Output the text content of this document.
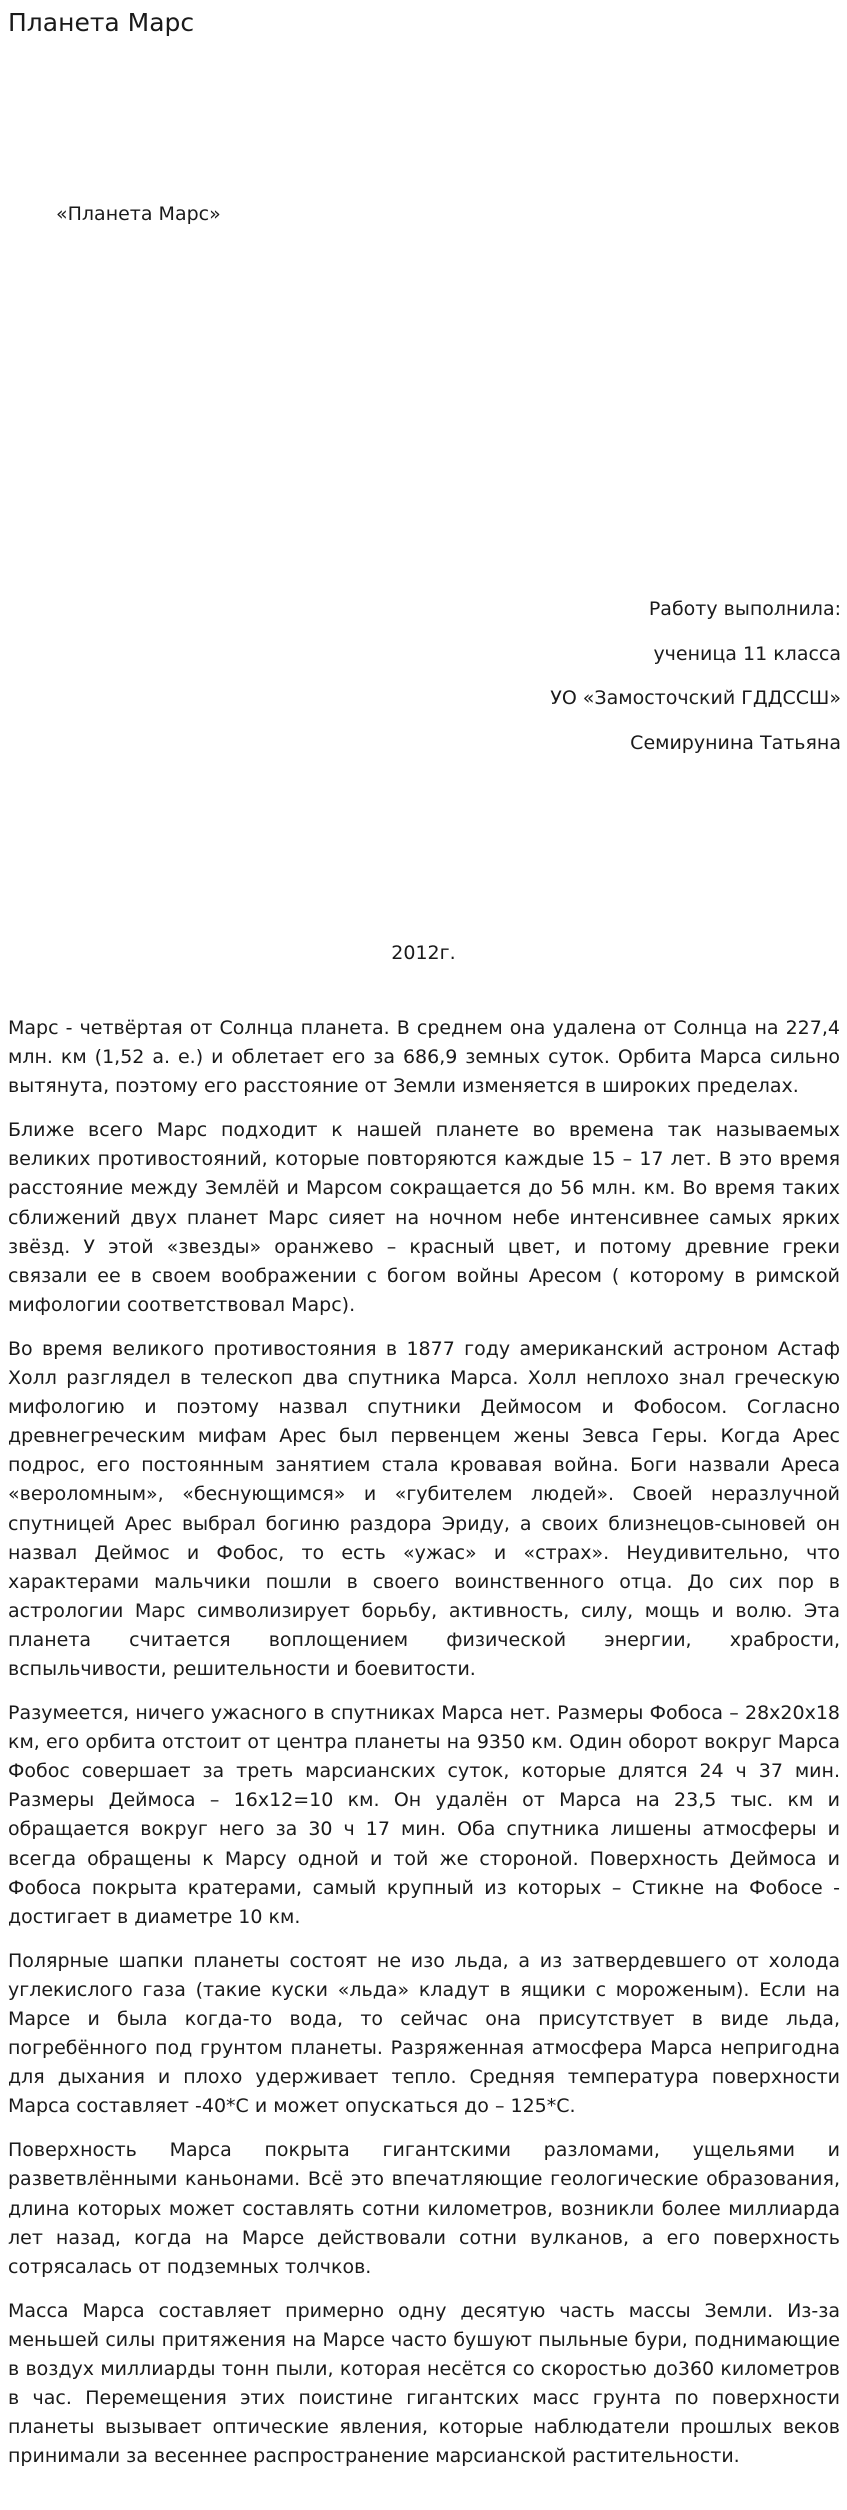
Планета Марс
«Планета Марс»
Работу выполнила:
ученица 11 класса
УО «Замосточский ГДДССШ»
Семирунина Татьяна
2012г.

Марс - четвёртая от Солнца планета. В среднем она удалена от Солнца на 227,4 млн. км (1,52 а. е.) и облетает его за 686,9 земных суток. Орбита Марса сильно вытянута, поэтому его расстояние от Земли изменяется в широких пределах.

Ближе всего Марс подходит к нашей планете во времена так называемых великих противостояний, которые повторяются каждые 15 – 17 лет. В это время расстояние между Землёй и Марсом сокращается до 56 млн. км. Во время таких сближений двух планет Марс сияет на ночном небе интенсивнее самых ярких звёзд. У этой «звезды» оранжево – красный цвет, и потому древние греки связали ее в своем воображении с богом войны Аресом ( которому в римской мифологии соответствовал Марс).

Во время великого противостояния в 1877 году американский астроном Астаф Холл разглядел в телескоп два спутника Марса. Холл неплохо знал греческую мифологию и поэтому назвал спутники Деймосом и Фобосом. Согласно древнегреческим мифам Арес был первенцем жены Зевса Геры. Когда Арес подрос, его постоянным занятием стала кровавая война. Боги назвали Ареса «вероломным», «беснующимся» и «губителем людей». Своей неразлучной спутницей Арес выбрал богиню раздора Эриду, а своих близнецов-сыновей он назвал Деймос и Фобос, то есть «ужас» и «страх». Неудивительно, что характерами мальчики пошли в своего воинственного отца. До сих пор в астрологии Марс символизирует борьбу, активность, силу, мощь и волю. Эта планета считается воплощением физической энергии, храбрости, вспыльчивости, решительности и боевитости.

Разумеется, ничего ужасного в спутниках Марса нет. Размеры Фобоса – 28х20х18 км, его орбита отстоит от центра планеты на 9350 км. Один оборот вокруг Марса Фобос совершает за треть марсианских суток, которые длятся 24 ч 37 мин. Размеры Деймоса – 16х12=10 км. Он удалён от Марса на 23,5 тыс. км и обращается вокруг него за 30 ч 17 мин. Оба спутника лишены атмосферы и всегда обращены к Марсу одной и той же стороной. Поверхность Деймоса и Фобоса покрыта кратерами, самый крупный из которых – Стикне на Фобосе - достигает в диаметре 10 км.

Полярные шапки планеты состоят не изо льда, а из затвердевшего от холода углекислого газа (такие куски «льда» кладут в ящики с мороженым). Если на Марсе и была когда-то вода, то сейчас она присутствует в виде льда, погребённого под грунтом планеты. Разряженная атмосфера Марса непригодна для дыхания и плохо удерживает тепло. Средняя температура поверхности Марса составляет -40*С и может опускаться до – 125*С.

Поверхность Марса покрыта гигантскими разломами, ущельями и разветвлёнными каньонами. Всё это впечатляющие геологические образования, длина которых может составлять сотни километров, возникли более миллиарда лет назад, когда на Марсе действовали сотни вулканов, а его поверхность сотрясалась от подземных толчков.

Масса Марса составляет примерно одну десятую часть массы Земли. Из-за меньшей силы притяжения на Марсе часто бушуют пыльные бури, поднимающие в воздух миллиарды тонн пыли, которая несётся со скоростью до360 километров в час. Перемещения этих поистине гигантских масс грунта по поверхности планеты вызывает оптические явления, которые наблюдатели прошлых веков принимали за весеннее распространение марсианской растительности.
